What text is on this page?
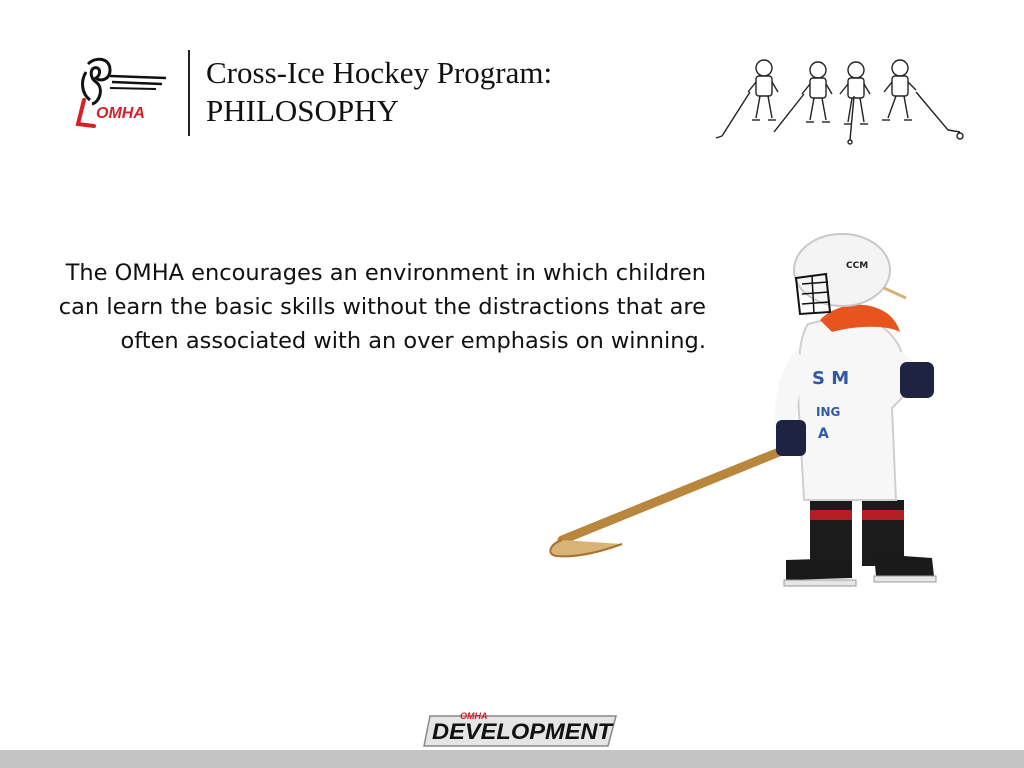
OMHA
Cross-Ice Hockey Program:
PHILOSOPHY

The OMHA encourages an environment in which children can learn the basic skills without the distractions that are often associated with an over emphasis on winning.

S M
ING
A
CCM
OMHA
DEVELOPMENT
